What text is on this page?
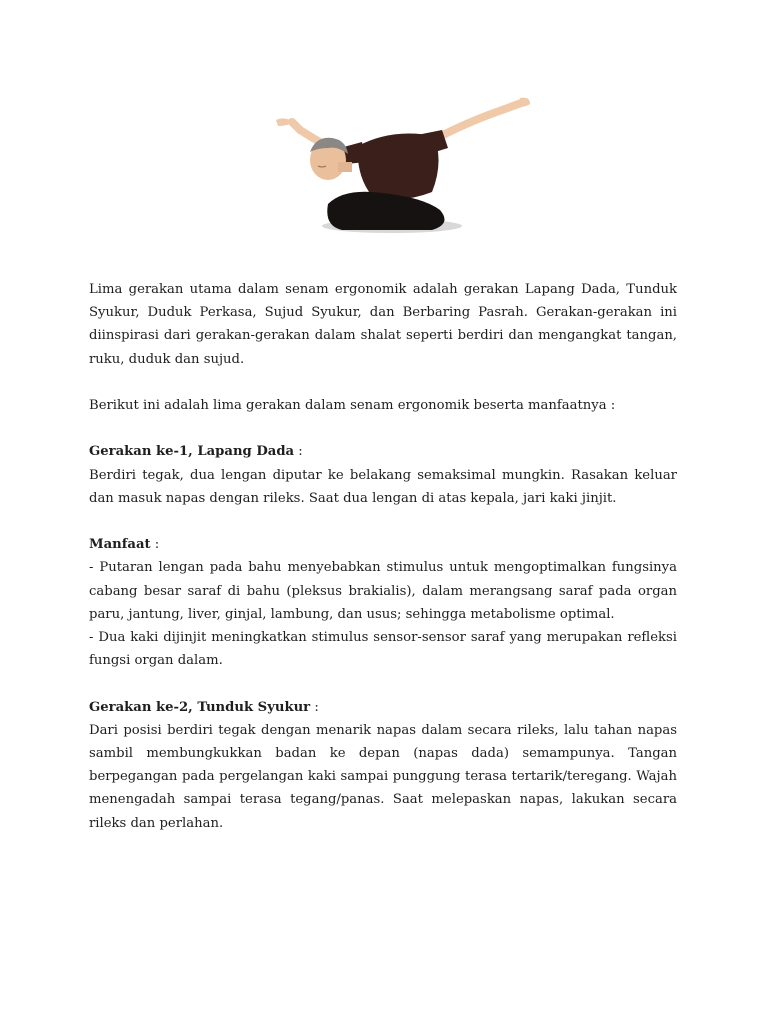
Lima gerakan utama dalam senam ergonomik adalah gerakan Lapang Dada, Tunduk Syukur, Duduk Perkasa, Sujud Syukur, dan Berbaring Pasrah. Gerakan-gerakan ini diinspirasi dari gerakan-gerakan dalam shalat seperti berdiri dan mengangkat tangan, ruku, duduk dan sujud.

Berikut ini adalah lima gerakan dalam senam ergonomik beserta manfaatnya :

Gerakan ke-1, Lapang Dada :

Berdiri tegak, dua lengan diputar ke belakang semaksimal mungkin. Rasakan keluar dan masuk napas dengan rileks. Saat dua lengan di atas kepala, jari kaki jinjit.

Manfaat :

- Putaran lengan pada bahu menyebabkan stimulus untuk mengoptimalkan fungsinya cabang besar saraf di bahu (pleksus brakialis), dalam merangsang saraf pada organ paru, jantung, liver, ginjal, lambung, dan usus; sehingga metabolisme optimal.

- Dua kaki dijinjit meningkatkan stimulus sensor-sensor saraf yang merupakan refleksi fungsi organ dalam.

Gerakan ke-2, Tunduk Syukur :

Dari posisi berdiri tegak dengan menarik napas dalam secara rileks, lalu tahan napas sambil membungkukkan badan ke depan (napas dada) semampunya. Tangan berpegangan pada pergelangan kaki sampai punggung terasa tertarik/teregang. Wajah menengadah sampai terasa tegang/panas. Saat melepaskan napas, lakukan secara rileks dan perlahan.
